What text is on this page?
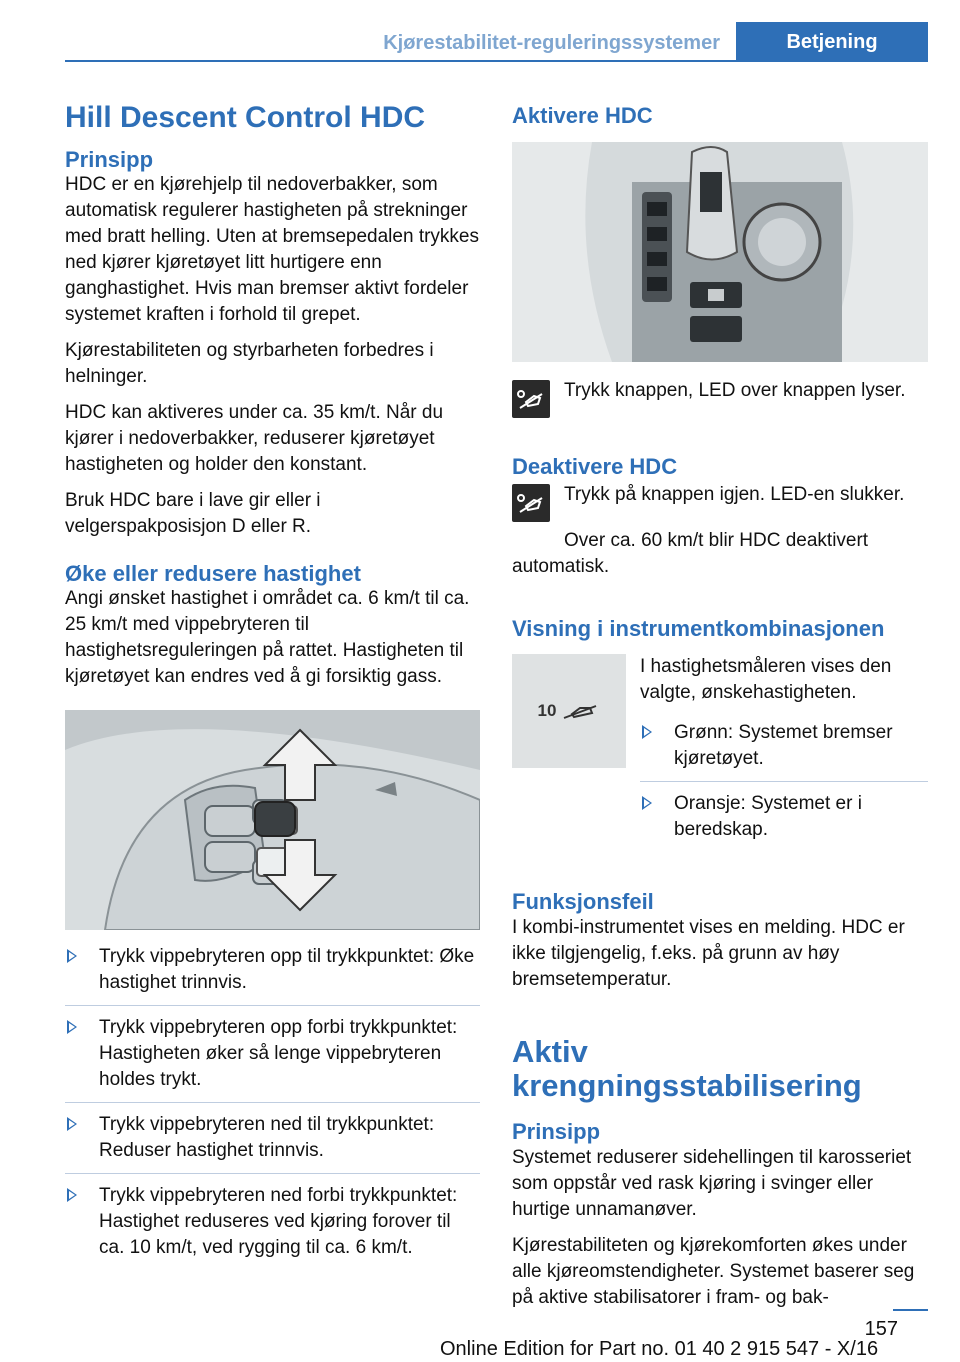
Kjørestabilitet-reguleringssystemer	Betjening
Hill Descent Control HDC
Prinsipp

HDC er en kjørehjelp til nedoverbakker, som automatisk regulerer hastigheten på strekninger med bratt helling. Uten at bremsepedalen trykkes ned kjører kjøretøyet litt hurtigere enn ganghastighet. Hvis man bremser aktivt fordeler systemet kraften i forhold til grepet.

Kjørestabiliteten og styrbarheten forbedres i helninger.

HDC kan aktiveres under ca. 35 km/t. Når du kjører i nedoverbakker, reduserer kjøretøyet hastigheten og holder den konstant.

Bruk HDC bare i lave gir eller i velgerspakposisjon D eller R.

Øke eller redusere hastighet

Angi ønsket hastighet i området ca. 6 km/t til ca. 25 km/t med vippebryteren til hastighetsreguleringen på rattet. Hastigheten til kjøretøyet kan endres ved å gi forsiktig gass.

Trykk vippebryteren opp til trykkpunktet: Øke hastighet trinnvis.
Trykk vippebryteren opp forbi trykkpunktet: Hastigheten øker så lenge vippebryteren holdes trykt.
Trykk vippebryteren ned til trykkpunktet: Reduser hastighet trinnvis.
Trykk vippebryteren ned forbi trykkpunktet: Hastighet reduseres ved kjøring forover til ca. 10 km/t, ved rygging til ca. 6 km/t.
Aktivere HDC

Trykk knappen, LED over knappen lyser.

Deaktivere HDC

Trykk på knappen igjen. LED-en slukker.

Over ca. 60 km/t blir HDC deaktivert automatisk.

Visning i instrumentkombinasjonen
10

I hastighetsmåleren vises den valgte, ønskehastigheten.

Grønn: Systemet bremser kjøretøyet.
Oransje: Systemet er i beredskap.
Funksjonsfeil

I kombi-instrumentet vises en melding. HDC er ikke tilgjengelig, f.eks. på grunn av høy bremsetemperatur.

Aktiv krengningsstabilisering
Prinsipp

Systemet reduserer sidehellingen til karosseriet som oppstår ved rask kjøring i svinger eller hurtige unnamanøver.

Kjørestabiliteten og kjørekomforten økes under alle kjøreomstendigheter. Systemet baserer seg på aktive stabilisatorer i fram- og bak-

157
Online Edition for Part no. 01 40 2 915 547 - X/16
